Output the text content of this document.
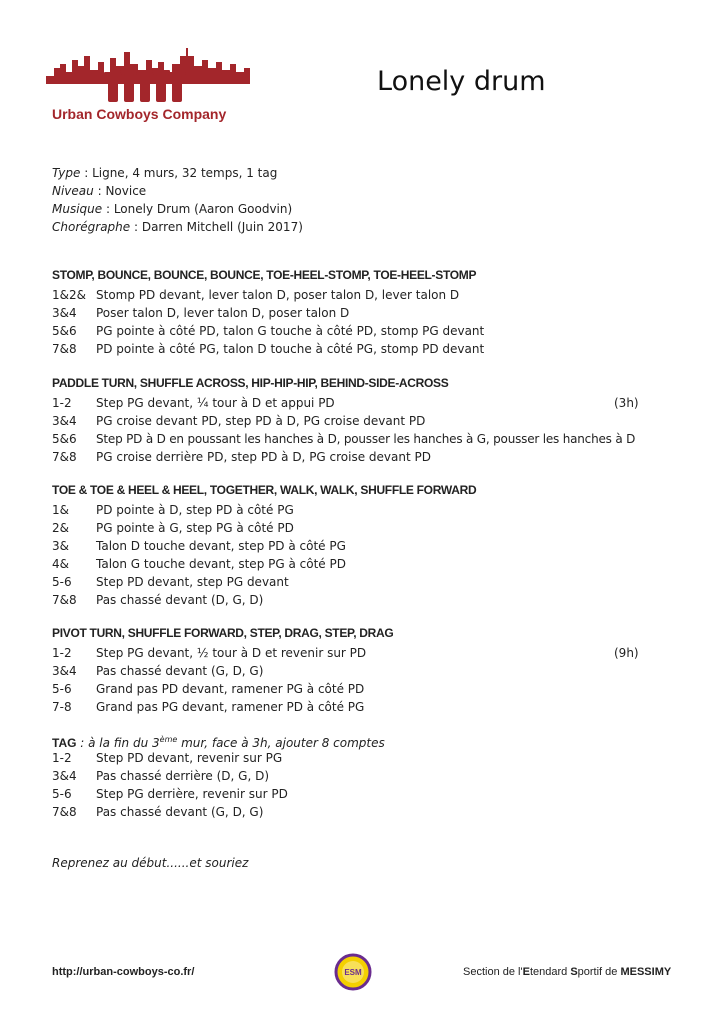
Urban Cowboys Company
Lonely drum
Type : Ligne, 4 murs, 32 temps, 1 tag
Niveau : Novice
Musique : Lonely Drum (Aaron Goodvin)
Chorégraphe : Darren Mitchell (Juin 2017)
STOMP, BOUNCE, BOUNCE, BOUNCE, TOE-HEEL-STOMP, TOE-HEEL-STOMP
1&2& Stomp PD devant, lever talon D, poser talon D, lever talon D
3&4 Poser talon D, lever talon D, poser talon D
5&6 PG pointe à côté PD, talon G touche à côté PD, stomp PG devant
7&8 PD pointe à côté PG, talon D touche à côté PG, stomp PD devant
PADDLE TURN, SHUFFLE ACROSS, HIP-HIP-HIP, BEHIND-SIDE-ACROSS
1-2 Step PG devant, ¼ tour à D et appui PD	(3h)
3&4 PG croise devant PD, step PD à D, PG croise devant PD
5&6 Step PD à D en poussant les hanches à D, pousser les hanches à G, pousser les hanches à D
7&8 PG croise derrière PD, step PD à D, PG croise devant PD
TOE & TOE & HEEL & HEEL, TOGETHER, WALK, WALK, SHUFFLE FORWARD
1& PD pointe à D, step PD à côté PG
2& PG pointe à G, step PG à côté PD
3& Talon D touche devant, step PD à côté PG
4& Talon G touche devant, step PG à côté PD
5-6 Step PD devant, step PG devant
7&8 Pas chassé devant (D, G, D)
PIVOT TURN, SHUFFLE FORWARD, STEP, DRAG, STEP, DRAG
1-2 Step PG devant, ½ tour à D et revenir sur PD	(9h)
3&4 Pas chassé devant (G, D, G)
5-6 Grand pas PD devant, ramener PG à côté PD
7-8 Grand pas PG devant, ramener PD à côté PG
TAG : à la fin du 3ème mur, face à 3h, ajouter 8 comptes
1-2 Step PD devant, revenir sur PG
3&4 Pas chassé derrière (D, G, D)
5-6 Step PG derrière, revenir sur PD
7&8 Pas chassé devant (G, D, G)
Reprenez au début......et souriez
http://urban-cowboys-co.fr/	ESM	Section de l'Etendard Sportif de MESSIMY
